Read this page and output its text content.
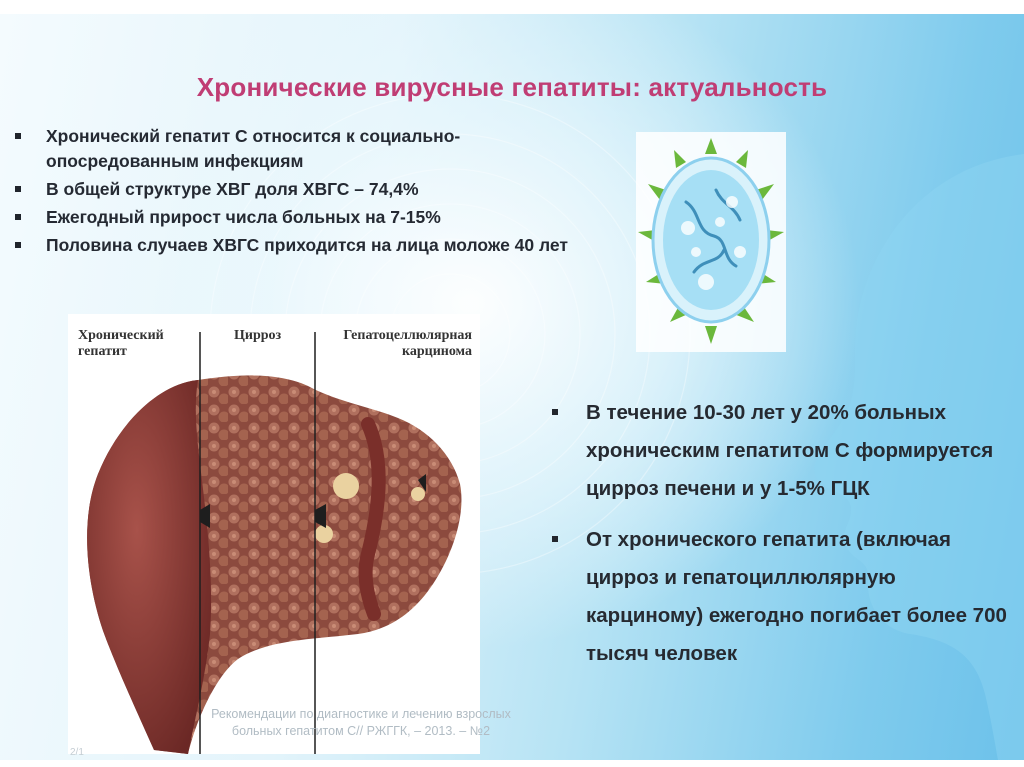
Хронические вирусные гепатиты: актуальность
Хронический гепатит С относится к социально-опосредованным инфекциям
В общей структуре ХВГ доля ХВГС – 74,4%
Ежегодный прирост числа больных на 7-15%
Половина случаев ХВГС приходится на лица моложе 40 лет
Хронический гепатит
Цирроз	Гепатоцеллюлярная карцинома
Рекомендации по диагностике и лечению взрослых больных гепатитом С// РЖГГК, – 2013. – №2
В течение 10-30 лет у 20% больных хроническим гепатитом С формируется цирроз печени и у 1-5% ГЦК
От хронического гепатита (включая цирроз и гепатоциллюлярную карциному) ежегодно погибает более 700 тысяч человек
2/1
